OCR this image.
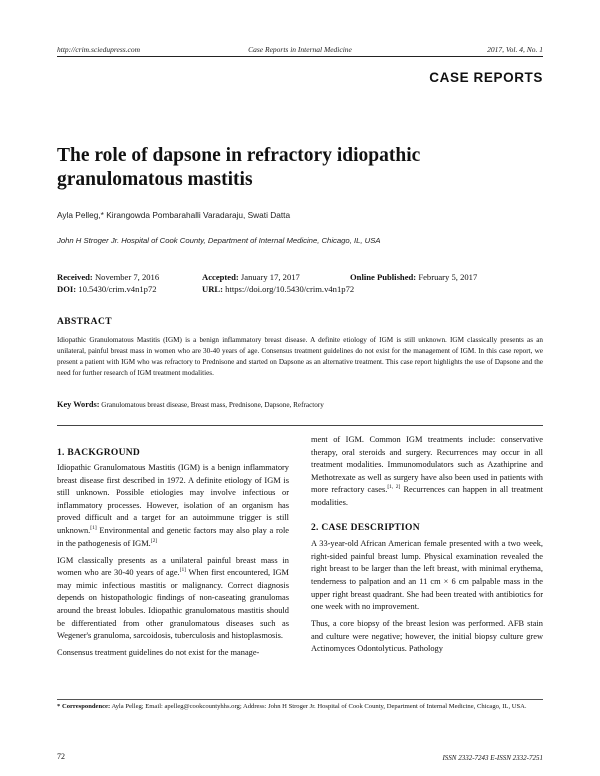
http://crim.sciedupress.com	Case Reports in Internal Medicine	2017, Vol. 4, No. 1
CASE REPORTS
The role of dapsone in refractory idiopathic granulomatous mastitis
Ayla Pelleg,* Kirangowda Pombarahalli Varadaraju, Swati Datta
John H Stroger Jr. Hospital of Cook County, Department of Internal Medicine, Chicago, IL, USA
Received: November 7, 2016	Accepted: January 17, 2017	Online Published: February 5, 2017
DOI: 10.5430/crim.v4n1p72	URL: https://doi.org/10.5430/crim.v4n1p72
ABSTRACT

Idiopathic Granulomatous Mastitis (IGM) is a benign inflammatory breast disease. A definite etiology of IGM is still unknown. IGM classically presents as an unilateral, painful breast mass in women who are 30-40 years of age. Consensus treatment guidelines do not exist for the management of IGM. In this case report, we present a patient with IGM who was refractory to Prednisone and started on Dapsone as an alternative treatment. This case report highlights the use of Dapsone and the need for further research of IGM treatment modalities.

Key Words: Granulomatous breast disease, Breast mass, Prednisone, Dapsone, Refractory
1. BACKGROUND

Idiopathic Granulomatous Mastitis (IGM) is a benign inflammatory breast disease first described in 1972. A definite etiology of IGM is still unknown. Possible etiologies may involve infectious or inflammatory processes. However, isolation of an organism has proved difficult and a target for an autoimmune trigger is still unknown.[1] Environmental and genetic factors may also play a role in the pathogenesis of IGM.[2]

IGM classically presents as a unilateral painful breast mass in women who are 30-40 years of age.[1] When first encountered, IGM may mimic infectious mastitis or malignancy. Correct diagnosis depends on histopathologic findings of non-caseating granulomas around the breast lobules. Idiopathic granulomatous mastitis should be differentiated from other granulomatous diseases such as Wegener's granuloma, sarcoidosis, tuberculosis and histoplasmosis.

Consensus treatment guidelines do not exist for the manage-

ment of IGM. Common IGM treatments include: conservative therapy, oral steroids and surgery. Recurrences may occur in all treatment modalities. Immunomodulators such as Azathiprine and Methotrexate as well as surgery have also been used in patients with more refractory cases.[1, 2] Recurrences can happen in all treatment modalities.

2. CASE DESCRIPTION

A 33-year-old African American female presented with a two week, right-sided painful breast lump. Physical examination revealed the right breast to be larger than the left breast, with minimal erythema, tenderness to palpation and an 11 cm × 6 cm palpable mass in the upper right breast quadrant. She had been treated with antibiotics for one week with no improvement.

Thus, a core biopsy of the breast lesion was performed. AFB stain and culture were negative; however, the initial biopsy culture grew Actinomyces Odontolyticus. Pathology

* Correspondence: Ayla Pelleg; Email: apelleg@cookcountyhhs.org; Address: John H Stroger Jr. Hospital of Cook County, Department of Internal Medicine, Chicago, IL, USA.

72	ISSN 2332-7243 E-ISSN 2332-7251
